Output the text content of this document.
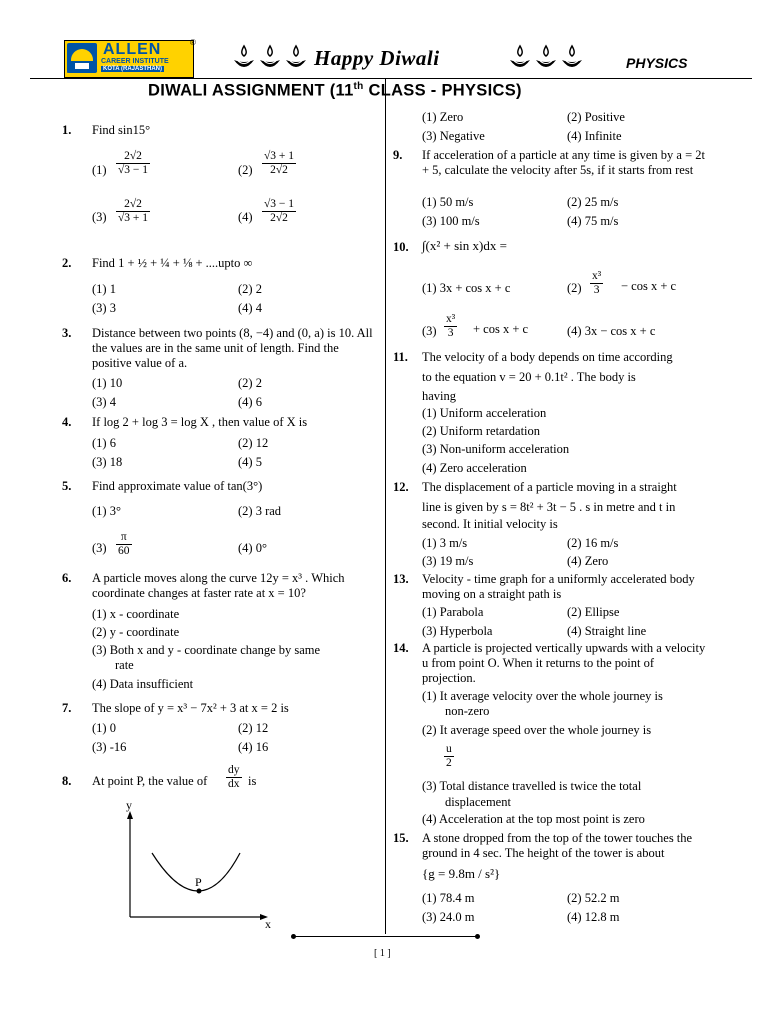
ALLEN
CAREER INSTITUTE
KOTA (RAJASTHAN)
path to success
®
Happy Diwali	PHYSICS
DIWALI ASSIGNMENT (11th CLASS - PHYSICS)
1. Find sin15°
$(1) \frac{2√2}{√3 - 1}$	$(2) \frac{√3 + 1}{2√2}$
$(3) \frac{2√2}{√3 + 1}$	$(4) \frac{√3 - 1}{2√2}$
2. Find 1 + ½ + ¼ + ⅛ + ....upto ∞
(1) 1	(2) 2
(3) 3	(4) 4
3. Distance between two points (8, −4) and (0, a) is 10. All the values are in the same unit of length. Find the positive value of a.
(1) 10	(2) 2
(3) 4	(4) 6
4. If log 2 + log 3 = log X , then value of X is
(1) 6	(2) 12
(3) 18	(4) 5
5. Find approximate value of tan(3°)
(1) 3°	(2) 3 rad
$(3) \frac{\pi}{60}$	(4) 0°
6. A particle moves along the curve 12y = x³ . Which coordinate changes at faster rate at x = 10?
(1) x - coordinate
(2) y - coordinate
(3) Both x and y - coordinate change by same
rate
(4) Data insufficient
7. The slope of y = x³ − 7x² + 3 at x = 2 is
(1) 0	(2) 12
(3) -16	(4) 16
8. At point P, the value of $\frac{dy}{dx}$ is
y
x
P
(1) Zero	(2) Positive
(3) Negative	(4) Infinite
9. If acceleration of a particle at any time is given by a = 2t + 5, calculate the velocity after 5s, if it starts from rest
(1) 50 m/s	(2) 25 m/s
(3) 100 m/s	(4) 75 m/s
10. ∫(x² + sin x)dx =
(1) 3x + cos x + c	$(2) \frac{\text{x³}}{3} - \cos x + c$
$(3) \frac{\text{x³}}{3} + \cos x + c$	(4) 3x − cos x + c
11. The velocity of a body depends on time according
to the equation v = 20 + 0.1t² . The body is
having
(1) Uniform acceleration
(2) Uniform retardation
(3) Non-uniform acceleration
(4) Zero acceleration
12. The displacement of a particle moving in a straight
line is given by s = 8t² + 3t − 5 . s in metre and t in
second. It initial velocity is
(1) 3 m/s	(2) 16 m/s
(3) 19 m/s	(4) Zero
13. Velocity - time graph for a uniformly accelerated body moving on a straight path is
(1) Parabola	(2) Ellipse
(3) Hyperbola	(4) Straight line
14. A particle is projected vertically upwards with a velocity u from point O. When it returns to the point of projection.
(1) It average velocity over the whole journey is
non-zero
(2) It average speed over the whole journey is
$\frac{u}{2}$
(3) Total distance travelled is twice the total
displacement
(4) Acceleration at the top most point is zero
15. A stone dropped from the top of the tower touches the ground in 4 sec. The height of the tower is about
{g = 9.8m / s²}
(1) 78.4 m	(2) 52.2 m
(3) 24.0 m	(4) 12.8 m
[ 1 ]
